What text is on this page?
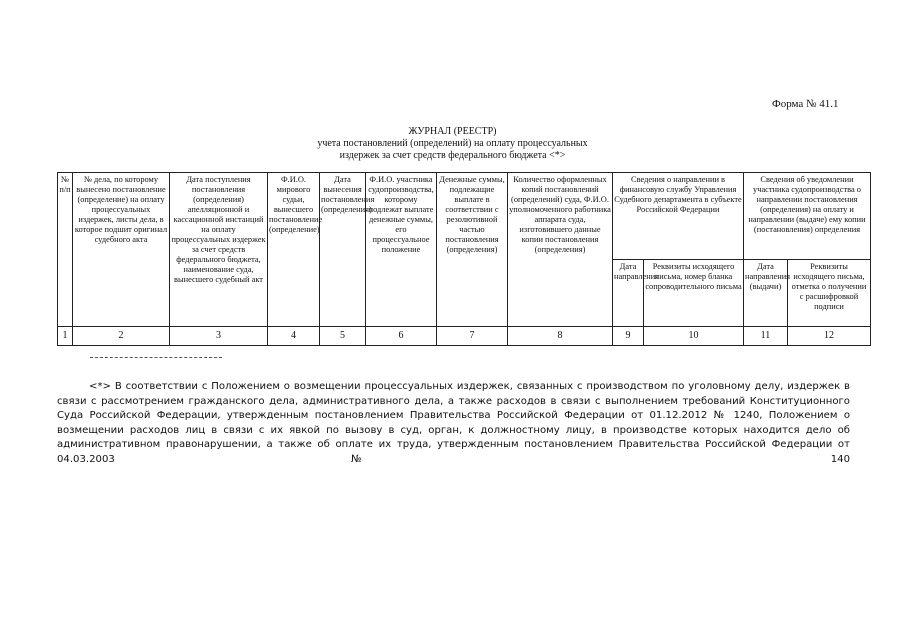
Форма № 41.1
ЖУРНАЛ (РЕЕСТР)
учета постановлений (определений) на оплату процессуальных
издержек за счет средств федерального бюджета <*>
№ п/п	№ дела, по которому вынесено постановление (определение) на оплату процессуальных издержек, листы дела, в которое подшит оригинал судебного акта	Дата поступления постановления (определения) апелляционной и кассационной инстанций на оплату процессуальных издержек за счет средств федерального бюджета, наименование суда, вынесшего судебный акт	Ф.И.О. мирового судьи, вынесшего постановление (определение)	Дата вынесения постановления (определения)	Ф.И.О. участника судопроизводства, которому подлежат выплате денежные суммы, его процессуальное положение	Денежные суммы, подлежащие выплате в соответствии с резолютивной частью постановления (определения)	Количество оформленных копий постановлений (определений) суда, Ф.И.О. уполномоченного работника аппарата суда, изготовившего данные копии постановления (определения)	Сведения о направлении в финансовую службу Управления Судебного департамента в субъекте Российской Федерации		Сведения об уведомлении участника судопроизводства о направлении постановления (определения) на оплату и направлении (выдаче) ему копии (постановления) определения	
								Дата направления	Реквизиты исходящего письма, номер бланка сопроводительного письма	Дата направления (выдачи)	Реквизиты исходящего письма, отметка о получении с расшифровкой подписи
1	2	3	4	5	6	7	8	9	10	11	12
<*> В соответствии с Положением о возмещении процессуальных издержек, связанных с производством по уголовному делу, издержек в связи с рассмотрением гражданского дела, административного дела, а также расходов в связи с выполнением требований Конституционного Суда Российской Федерации, утвержденным постановлением Правительства Российской Федерации от 01.12.2012 № 1240, Положением о возмещении расходов лиц в связи с их явкой по вызову в суд, орган, к должностному лицу, в производстве которых находится дело об административном правонарушении, а также об оплате их труда, утвержденным постановлением Правительства Российской Федерации от 04.03.2003 № 140
